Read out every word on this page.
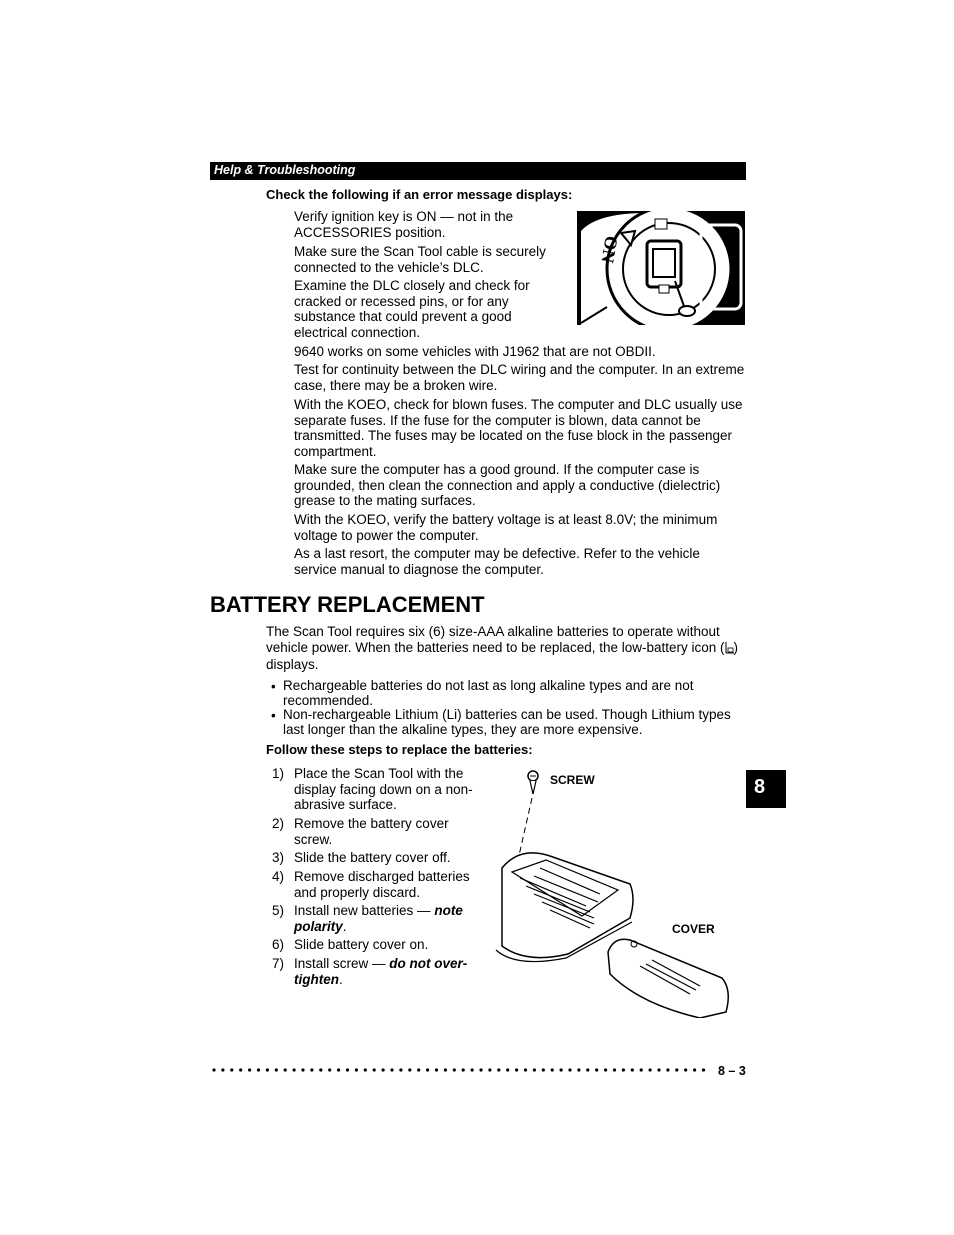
Help & Troubleshooting
Check the following if an error message displays:
Verify ignition key is ON — not in the ACCESSORIES position.
Make sure the Scan Tool cable is securely connected to the vehicle’s DLC.
Examine the DLC closely and check for cracked or recessed pins, or for any substance that could prevent a good electrical connection.
9640 works on some vehicles with J1962 that are not OBDII.
Test for continuity between the DLC wiring and the computer. In an extreme case, there may be a broken wire.
With the KOEO, check for blown fuses. The computer and DLC usually use separate fuses. If the fuse for the computer is blown, data cannot be transmitted. The fuses may be located on the fuse block in the passenger compartment.
Make sure the computer has a good ground. If the computer case is grounded, then clean the connection and apply a conductive (dielectric) grease to the mating surfaces.
With the KOEO, verify the battery voltage is at least 8.0V; the minimum voltage to power the computer.
As a last resort, the computer may be defective. Refer to the vehicle service manual to diagnose the computer.
ON
BATTERY REPLACEMENT
The Scan Tool requires six (6) size-AAA alkaline batteries to operate without vehicle power. When the batteries need to be replaced, the low-battery icon ( ) displays.
• Rechargeable batteries do not last as long alkaline types and are not recommended.
• Non-rechargeable Lithium (Li) batteries can be used. Though Lithium types last longer than the alkaline types, they are more expensive.
Follow these steps to replace the batteries:
1) Place the Scan Tool with the display facing down on a non-abrasive surface.
2) Remove the battery cover screw.
3) Slide the battery cover off.
4) Remove discharged batteries and properly discard.
5) Install new batteries — note polarity.
6) Slide battery cover on.
7) Install screw — do not over-tighten.
SCREW
COVER
8
8 – 3
